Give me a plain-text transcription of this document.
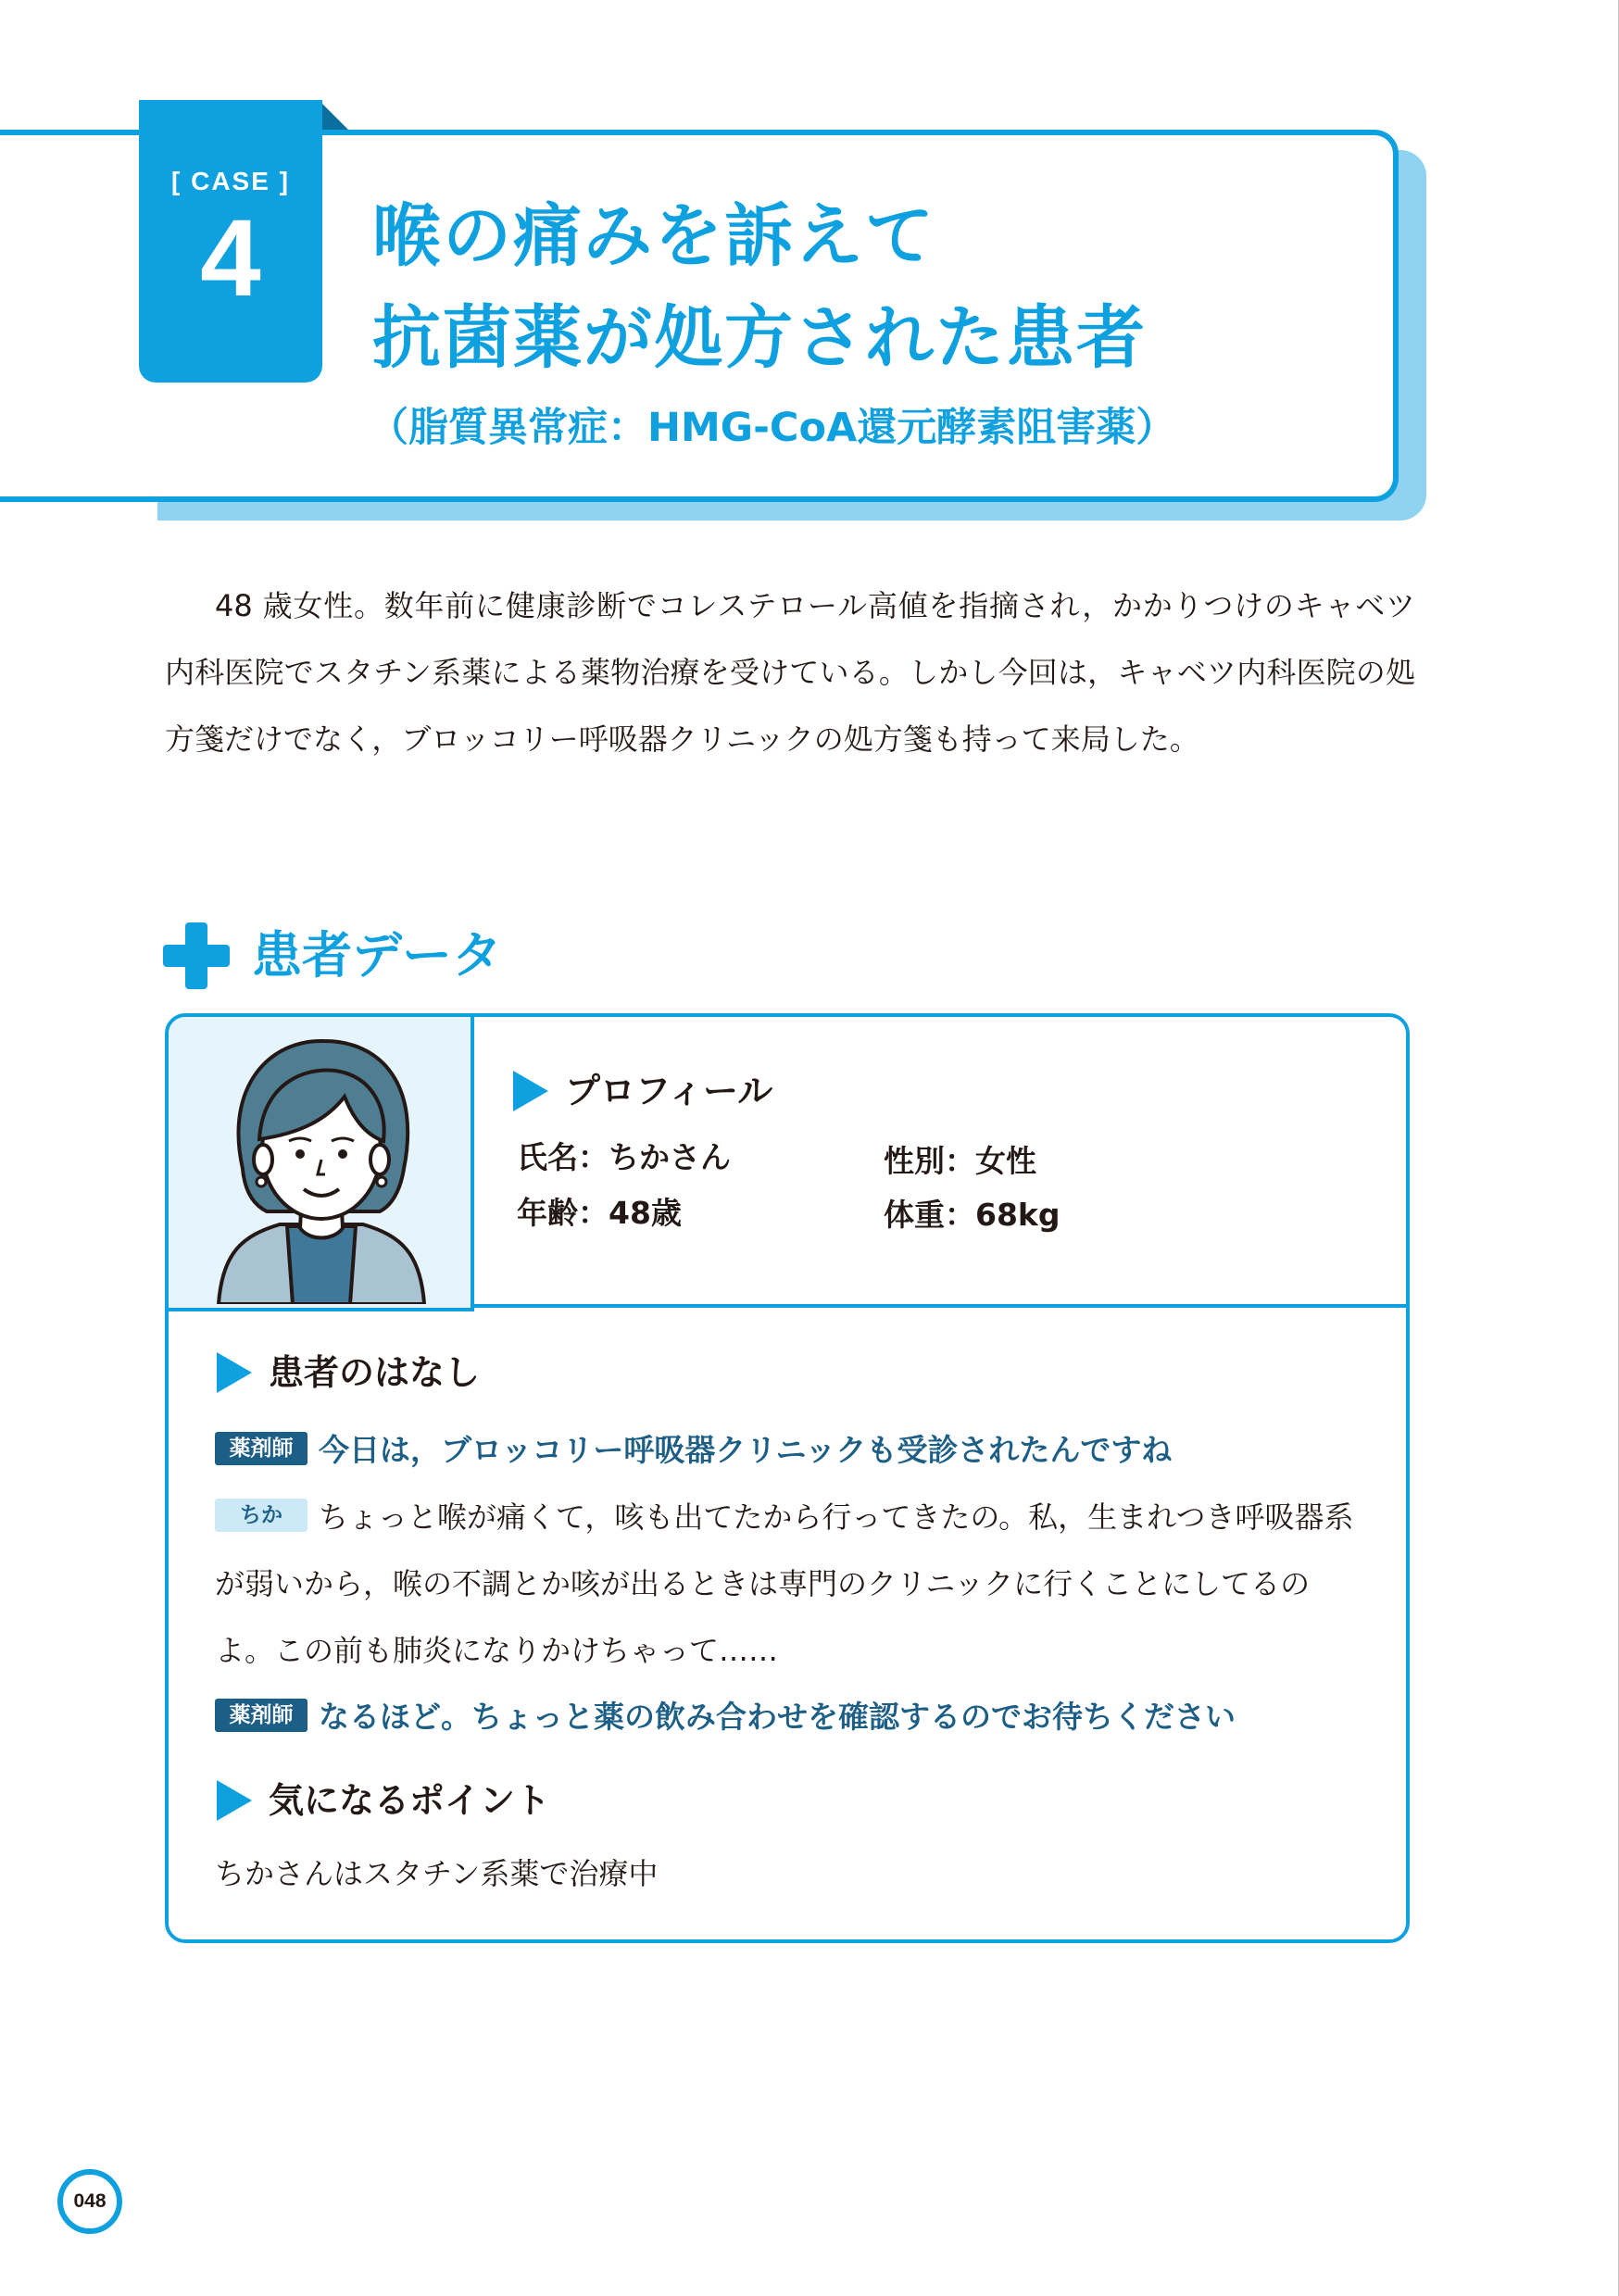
[ CASE ]
4	喉の痛みを訴えて
抗菌薬が処方された患者
（脂質異常症：HMG-CoA還元酵素阻害薬）

48 歳女性。数年前に健康診断でコレステロール高値を指摘され，かかりつけのキャベツ内科医院でスタチン系薬による薬物治療を受けている。しかし今回は，キャベツ内科医院の処方箋だけでなく，ブロッコリー呼吸器クリニックの処方箋も持って来局した。

患者データ
プロフィール
氏名：ちかさん	性別：女性
年齢：48歳	体重：68kg
患者のはなし
薬剤師 今日は，ブロッコリー呼吸器クリニックも受診されたんですね
ちか ちょっと喉が痛くて，咳も出てたから行ってきたの。私，生まれつき呼吸器系が弱いから，喉の不調とか咳が出るときは専門のクリニックに行くことにしてるのよ。この前も肺炎になりかけちゃって……
薬剤師 なるほど。ちょっと薬の飲み合わせを確認するのでお待ちください
気になるポイント
ちかさんはスタチン系薬で治療中
048
